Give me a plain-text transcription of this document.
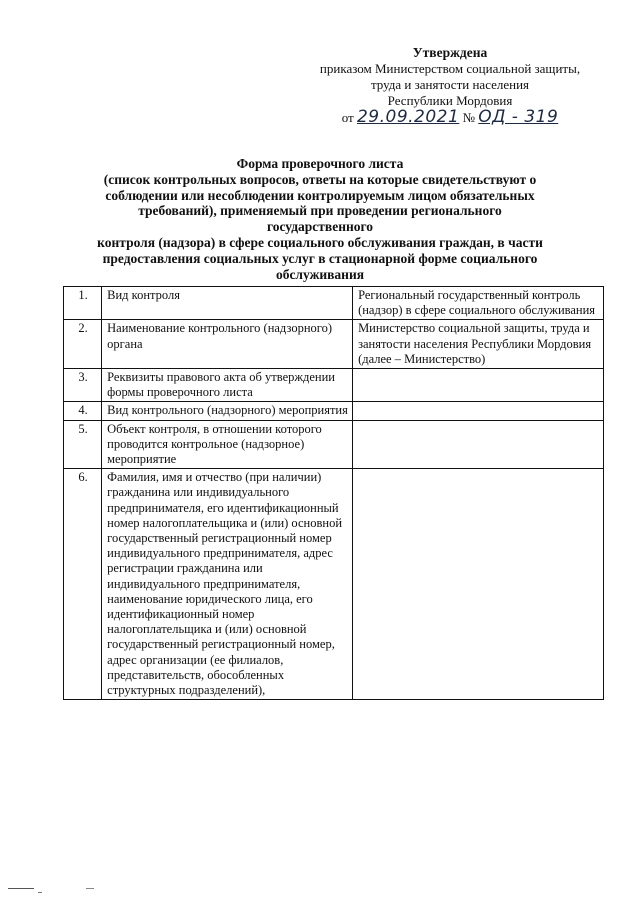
Утверждена
приказом Министерством социальной защиты,
труда и занятости населения
Республики Мордовия
от 29.09.2021 № ОД - 319
Форма проверочного листа
(список контрольных вопросов, ответы на которые свидетельствуют о
соблюдении или несоблюдении контролируемым лицом обязательных
требований), применяемый при проведении регионального государственного
контроля (надзора) в сфере социального обслуживания граждан, в части
предоставления социальных услуг в стационарной форме социального
обслуживания
1.	Вид контроля	Региональный государственный контроль (надзор) в сфере социального обслуживания
2.	Наименование контрольного (надзорного) органа	Министерство социальной защиты, труда и занятости населения Республики Мордовия (далее – Министерство)
3.	Реквизиты правового акта об утверждении формы проверочного листа	
4.	Вид контрольного (надзорного) мероприятия	
5.	Объект контроля, в отношении которого проводится контрольное (надзорное) мероприятие	
6.	Фамилия, имя и отчество (при наличии) гражданина или индивидуального предпринимателя, его идентификационный номер налогоплательщика и (или) основной государственный регистрационный номер индивидуального предпринимателя, адрес регистрации гражданина или индивидуального предпринимателя, наименование юридического лица, его идентификационный номер налогоплательщика и (или) основной государственный регистрационный номер, адрес организации (ее филиалов, представительств, обособленных структурных подразделений),	
